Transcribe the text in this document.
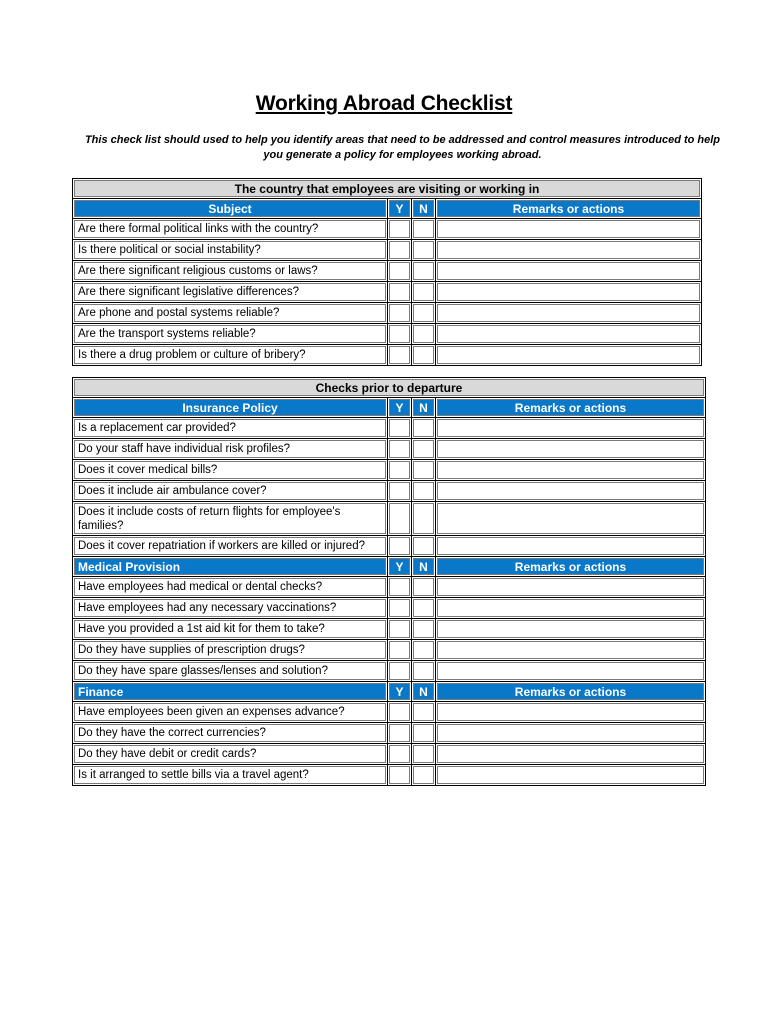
Working Abroad Checklist
This check list should used to help you identify areas that need to be addressed and control measures introduced to help you generate a policy for employees working abroad.
The country that employees are visiting or working in			
Subject	Y	N	Remarks or actions
Are there formal political links with the country?			
Is there political or social instability?			
Are there significant religious customs or laws?			
Are there significant legislative differences?			
Are phone and postal systems reliable?			
Are the transport systems reliable?			
Is there a drug problem or culture of bribery?			
Checks prior to departure			
Insurance Policy	Y	N	Remarks or actions
Is a replacement car provided?			
Do your staff have individual risk profiles?			
Does it cover medical bills?			
Does it include air ambulance cover?			
Does it include costs of return flights for employee's families?			
Does it cover repatriation if workers are killed or injured?			
Medical Provision	Y	N	Remarks or actions
Have employees had medical or dental checks?			
Have employees had any necessary vaccinations?			
Have you provided a 1st aid kit for them to take?			
Do they have supplies of prescription drugs?			
Do they have spare glasses/lenses and solution?			
Finance	Y	N	Remarks or actions
Have employees been given an expenses advance?			
Do they have the correct currencies?			
Do they have debit or credit cards?			
Is it arranged to settle bills via a travel agent?			
